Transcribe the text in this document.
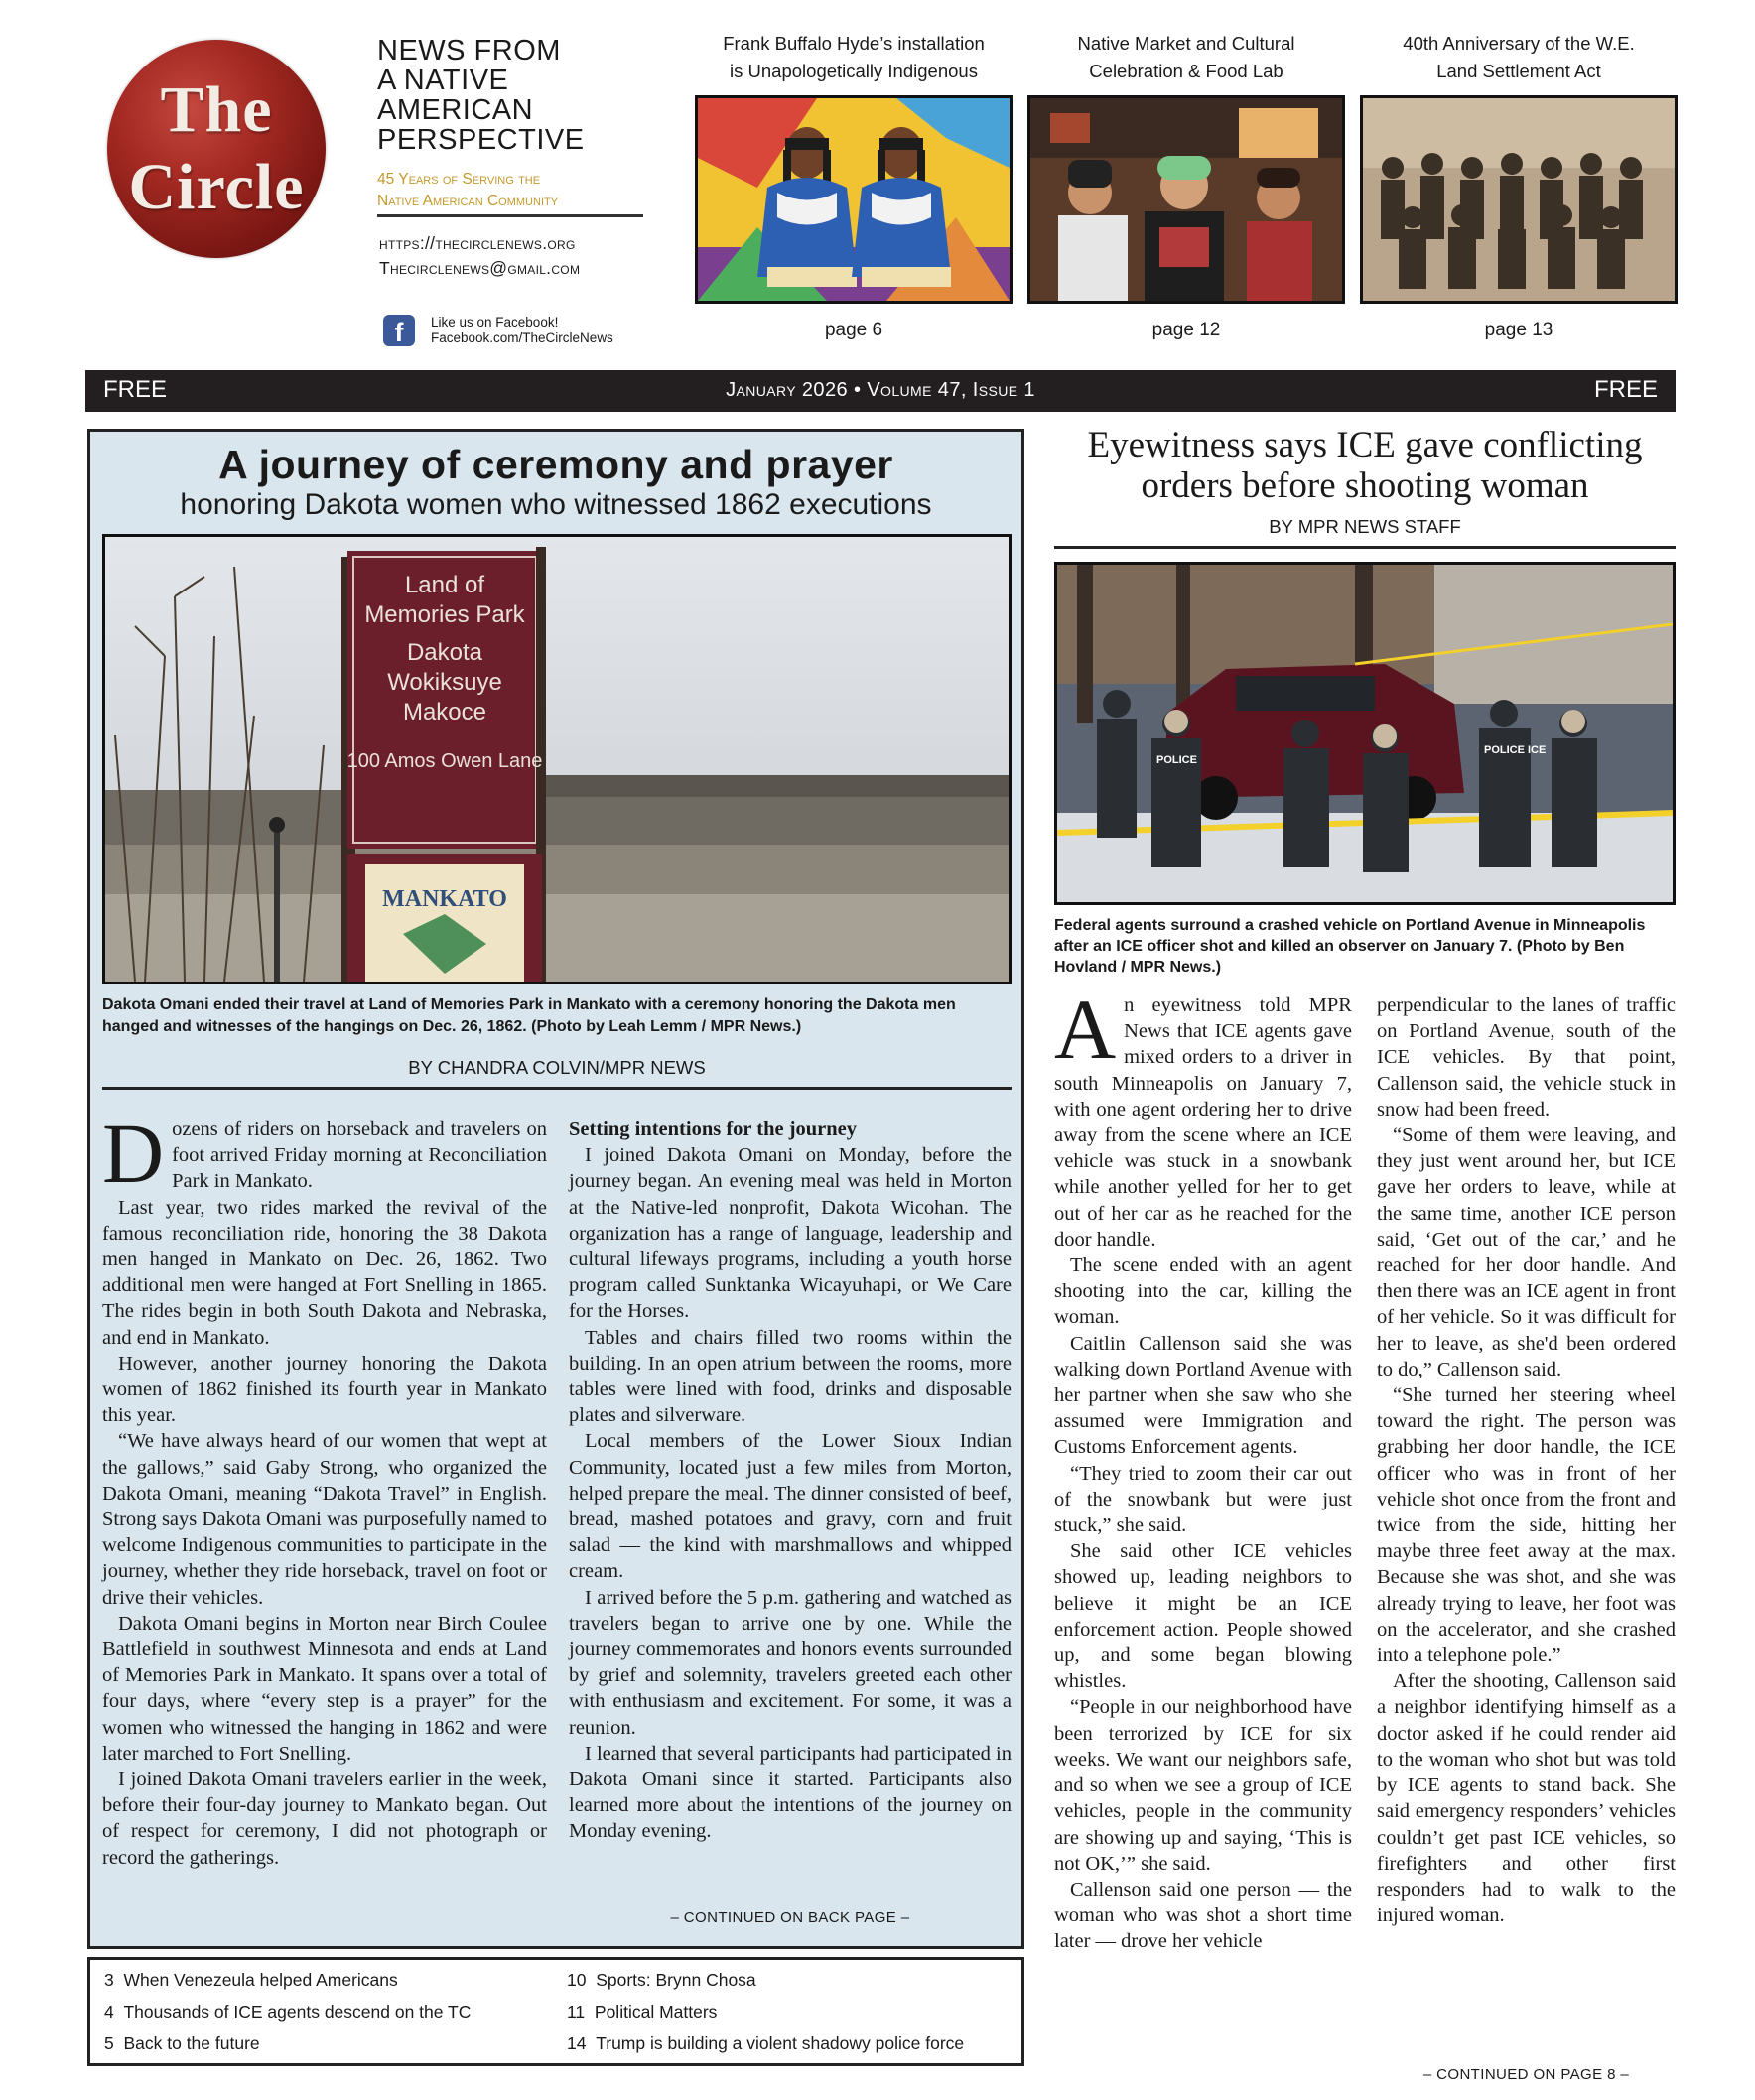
The
Circle
NEWS FROM
A NATIVE
AMERICAN
PERSPECTIVE
45 Years of Serving the
Native American Community
https://thecirclenews.org
Thecirclenews@gmail.com
f	Like us on Facebook!
Facebook.com/TheCircleNews
Frank Buffalo Hyde’s installation
is Unapologetically Indigenous
page 6
Native Market and Cultural
Celebration & Food Lab
page 12
40th Anniversary of the W.E.
Land Settlement Act
page 13
FREE	January 2026 • Volume 47, Issue 1	FREE
A journey of ceremony and prayer
honoring Dakota women who witnessed 1862 executions
Land of
Memories Park
Dakota
Wokiksuye
Makoce
100 Amos Owen Lane
MANKATO
Dakota Omani ended their travel at Land of Memories Park in Mankato with a ceremony honoring the Dakota men hanged and witnesses of the hangings on Dec. 26, 1862. (Photo by Leah Lemm / MPR News.)
BY CHANDRA COLVIN/MPR NEWS

Dozens of riders on horseback and travelers on foot arrived Friday morning at Reconciliation Park in Mankato.

Last year, two rides marked the revival of the famous reconciliation ride, honoring the 38 Dakota men hanged in Mankato on Dec. 26, 1862. Two additional men were hanged at Fort Snelling in 1865. The rides begin in both South Dakota and Nebraska, and end in Mankato.

However, another journey honoring the Dakota women of 1862 finished its fourth year in Mankato this year.

“We have always heard of our women that wept at the gallows,” said Gaby Strong, who organized the Dakota Omani, meaning “Dakota Travel” in English. Strong says Dakota Omani was purposefully named to welcome Indigenous communities to participate in the journey, whether they ride horseback, travel on foot or drive their vehicles.

Dakota Omani begins in Morton near Birch Coulee Battlefield in southwest Minnesota and ends at Land of Memories Park in Mankato. It spans over a total of four days, where “every step is a prayer” for the women who witnessed the hanging in 1862 and were later marched to Fort Snelling.

I joined Dakota Omani travelers earlier in the week, before their four-day journey to Mankato began. Out of respect for ceremony, I did not photograph or record the gatherings.

Setting intentions for the journey

I joined Dakota Omani on Monday, before the journey began. An evening meal was held in Morton at the Native-led nonprofit, Dakota Wicohan. The organization has a range of language, leadership and cultural lifeways programs, including a youth horse program called Sunktanka Wicayuhapi, or We Care for the Horses.

Tables and chairs filled two rooms within the building. In an open atrium between the rooms, more tables were lined with food, drinks and disposable plates and silverware.

Local members of the Lower Sioux Indian Community, located just a few miles from Morton, helped prepare the meal. The dinner consisted of beef, bread, mashed potatoes and gravy, corn and fruit salad — the kind with marshmallows and whipped cream.

I arrived before the 5 p.m. gathering and watched as travelers began to arrive one by one. While the journey commemorates and honors events surrounded by grief and solemnity, travelers greeted each other with enthusiasm and excitement. For some, it was a reunion.

I learned that several participants had participated in Dakota Omani since it started. Participants also learned more about the intentions of the journey on Monday evening.

– CONTINUED ON BACK PAGE –
3 When Venezeula helped Americans
4 Thousands of ICE agents descend on the TC
5 Back to the future
10 Sports: Brynn Chosa
11 Political Matters
14 Trump is building a violent shadowy police force
Eyewitness says ICE gave conflicting
orders before shooting woman
BY MPR NEWS STAFF
POLICE
POLICE ICE
Federal agents surround a crashed vehicle on Portland Avenue in Minneapolis after an ICE officer shot and killed an observer on January 7. (Photo by Ben Hovland / MPR News.)

An eyewitness told MPR News that ICE agents gave mixed orders to a driver in south Minneapolis on January 7, with one agent ordering her to drive away from the scene where an ICE vehicle was stuck in a snowbank while another yelled for her to get out of her car as he reached for the door handle.

The scene ended with an agent shooting into the car, killing the woman.

Caitlin Callenson said she was walking down Portland Avenue with her partner when she saw who she assumed were Immigration and Customs Enforcement agents.

“They tried to zoom their car out of the snowbank but were just stuck,” she said.

She said other ICE vehicles showed up, leading neighbors to believe it might be an ICE enforcement action. People showed up, and some began blowing whistles.

“People in our neighborhood have been terrorized by ICE for six weeks. We want our neighbors safe, and so when we see a group of ICE vehicles, people in the community are showing up and saying, ‘This is not OK,’” she said.

Callenson said one person — the woman who was shot a short time later — drove her vehicle

perpendicular to the lanes of traffic on Portland Avenue, south of the ICE vehicles. By that point, Callenson said, the vehicle stuck in snow had been freed.

“Some of them were leaving, and they just went around her, but ICE gave her orders to leave, while at the same time, another ICE person said, ‘Get out of the car,’ and he reached for her door handle. And then there was an ICE agent in front of her vehicle. So it was difficult for her to leave, as she'd been ordered to do,” Callenson said.

“She turned her steering wheel toward the right. The person was grabbing her door handle, the ICE officer who was in front of her vehicle shot once from the front and twice from the side, hitting her maybe three feet away at the max. Because she was shot, and she was already trying to leave, her foot was on the accelerator, and she crashed into a telephone pole.”

After the shooting, Callenson said a neighbor identifying himself as a doctor asked if he could render aid to the woman who shot but was told by ICE agents to stand back. She said emergency responders’ vehicles couldn’t get past ICE vehicles, so firefighters and other first responders had to walk to the injured woman.

– CONTINUED ON PAGE 8 –
